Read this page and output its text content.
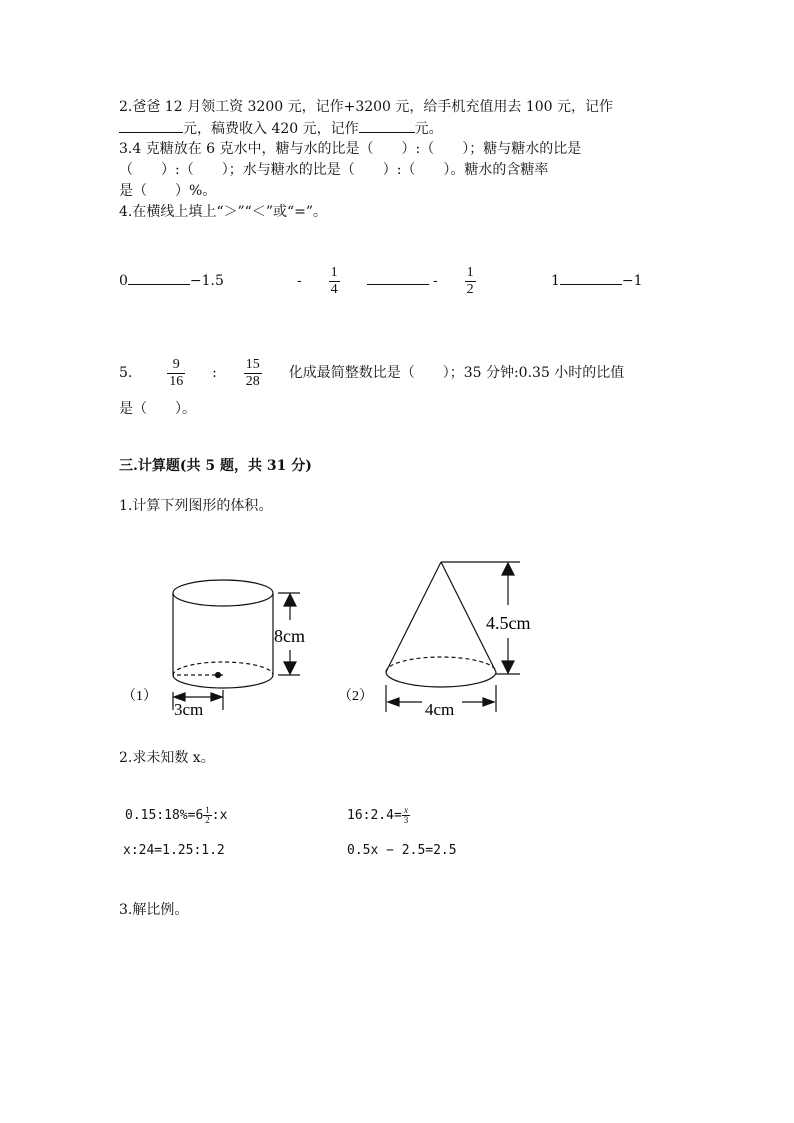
2.爸爸 12 月领工资 3200 元，记作+3200 元，给手机充值用去 100 元，记作
元，稿费收入 420 元，记作	元。
3.4 克糖放在 6 克水中，糖与水的比是（　　）:（　　）；糖与糖水的比是
（　　）:（　　）；水与糖水的比是（　　）:（　　）。糖水的含糖率
是（　　）%。
4.在横线上填上“＞”“＜”或“=”。
0	−1.5	- $\frac{1}{4}$	- $\frac{1}{2}$	1	−1
5. $\frac{9}{16}$ : $\frac{15}{28}$ 化成最简整数比是（　　）；35 分钟:0.35 小时的比值
是（　　）。
三.计算题(共 5 题，共 31 分)
1.计算下列图形的体积。
8cm
3cm
（1）
4.5cm
4cm
（2）
2.求未知数 x。
0.15:18%=6 $\frac{1}{2}$ :x	16:2.4= $\frac{x}{3}$
x:24=1.25:1.2	0.5x − 2.5=2.5
3.解比例。
